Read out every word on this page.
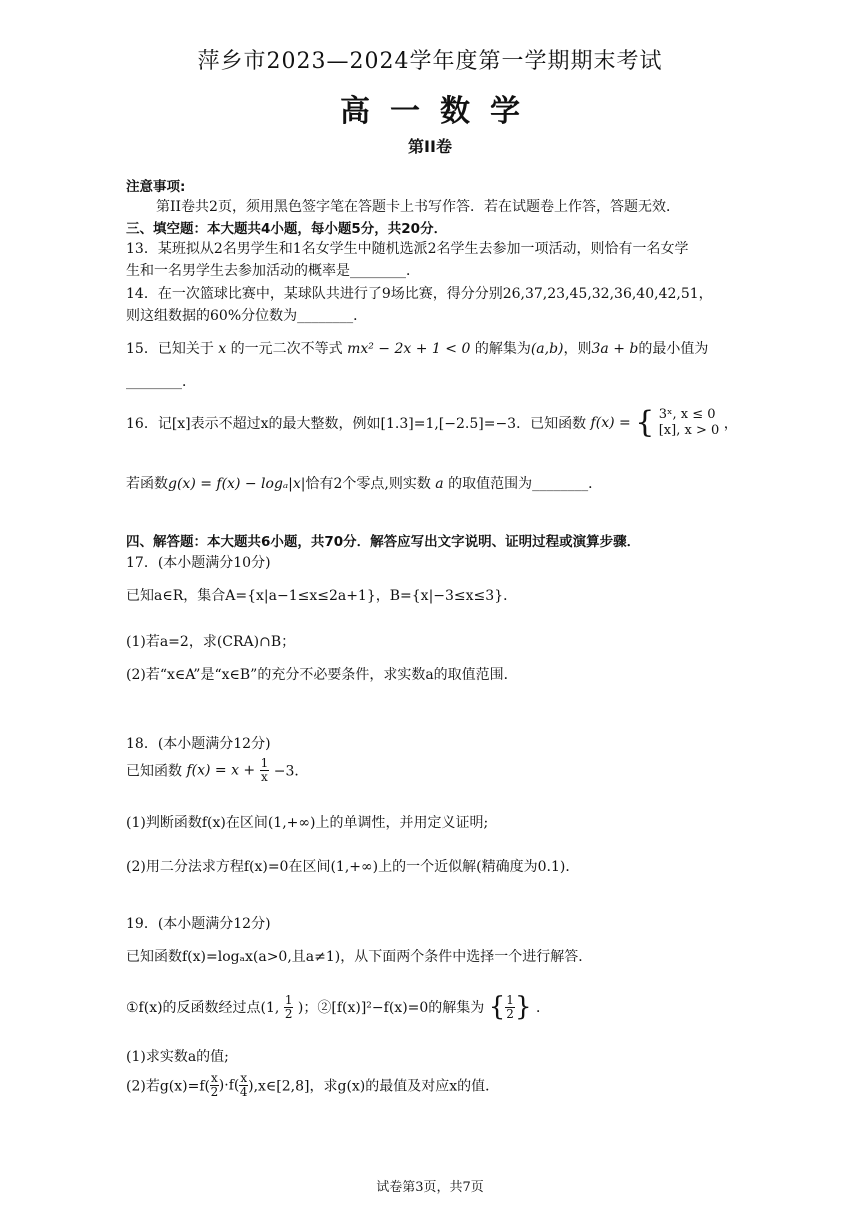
萍乡市2023—2024学年度第一学期期末考试
高一数学
第II卷
注意事项:
第II卷共2页，须用黑色签字笔在答题卡上书写作答．若在试题卷上作答，答题无效．
三、填空题：本大题共4小题，每小题5分，共20分．
13．某班拟从2名男学生和1名女学生中随机选派2名学生去参加一项活动，则恰有一名女学
生和一名男学生去参加活动的概率是________．
14．在一次篮球比赛中，某球队共进行了9场比赛，得分分别26,37,23,45,32,36,40,42,51，
则这组数据的60%分位数为________．
15．已知关于 x 的一元二次不等式 mx² − 2x + 1 < 0 的解集为(a,b)，则3a + b的最小值为
________．
16．记[x]表示不超过x的最大整数，例如[1.3]=1,[−2.5]=−3．已知函数 f(x) = { 3ˣ, x ≤ 0
[x], x > 0 ，
若函数g(x) = f(x) − logₐ|x|恰有2个零点,则实数 a 的取值范围为________．
四、解答题：本大题共6小题，共70分．解答应写出文字说明、证明过程或演算步骤．
17．(本小题满分10分)
已知a∈R，集合A={x|a−1≤x≤2a+1}，B={x|−3≤x≤3}．
(1)若a=2，求(CRA)∩B；
(2)若“x∈A”是“x∈B”的充分不必要条件，求实数a的取值范围．
18．(本小题满分12分)
已知函数 $f(x) = x + \frac{1}{x} -3$．
(1)判断函数f(x)在区间(1,+∞)上的单调性，并用定义证明;
(2)用二分法求方程f(x)=0在区间(1,+∞)上的一个近似解(精确度为0.1)．
19．(本小题满分12分)
已知函数f(x)=logₐx(a>0,且a≠1)，从下面两个条件中选择一个进行解答．
①f(x)的反函数经过点(1, $\frac{1}{2}$ )；②[f(x)]²−f(x)=0的解集为 { $\frac{1}{2}$ } ．
(1)求实数a的值;
(2)若$g(x)=f( \frac{x}{2} )\cdot f( \frac{x}{4}$ ),x∈[2,8]，求g(x)的最值及对应x的值．
试卷第3页，共7页
